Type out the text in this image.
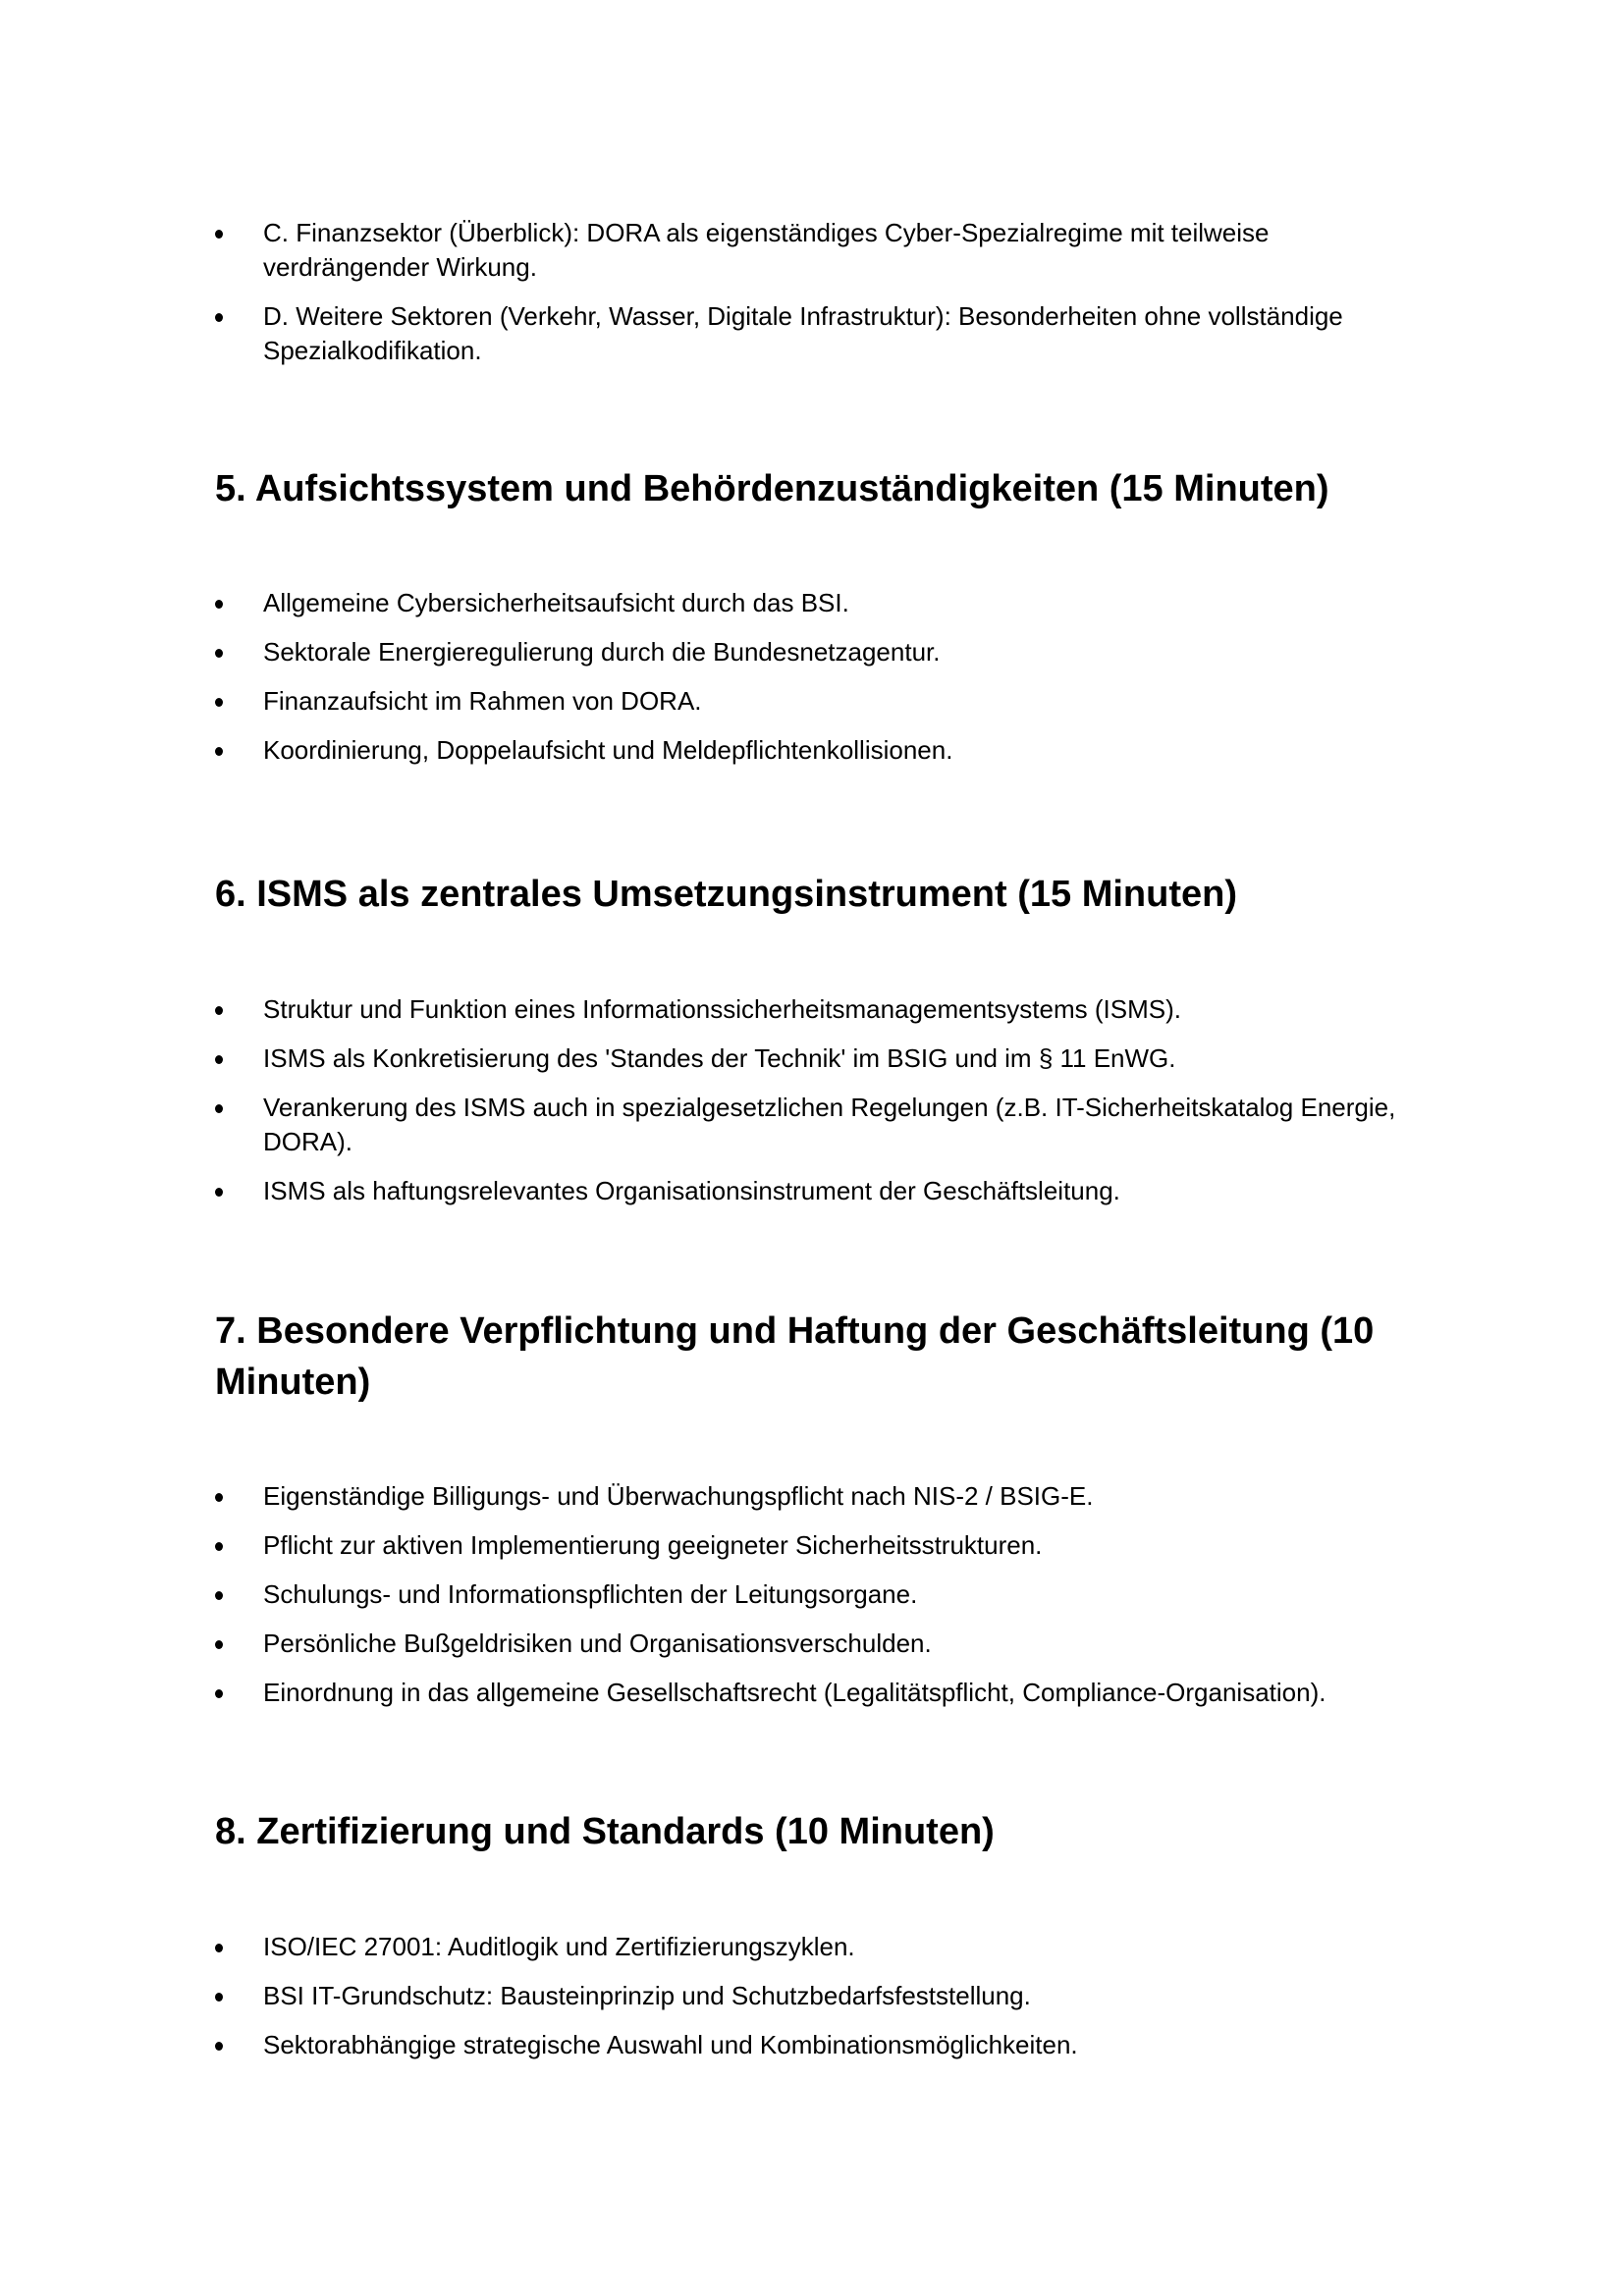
C. Finanzsektor (Überblick): DORA als eigenständiges Cyber-Spezialregime mit teilweise verdrängender Wirkung.
D. Weitere Sektoren (Verkehr, Wasser, Digitale Infrastruktur): Besonderheiten ohne vollständige Spezialkodifikation.
5. Aufsichtssystem und Behördenzuständigkeiten (15 Minuten)
Allgemeine Cybersicherheitsaufsicht durch das BSI.
Sektorale Energieregulierung durch die Bundesnetzagentur.
Finanzaufsicht im Rahmen von DORA.
Koordinierung, Doppelaufsicht und Meldepflichtenkollisionen.
6. ISMS als zentrales Umsetzungsinstrument (15 Minuten)
Struktur und Funktion eines Informationssicherheitsmanagementsystems (ISMS).
ISMS als Konkretisierung des 'Standes der Technik' im BSIG und im § 11 EnWG.
Verankerung des ISMS auch in spezialgesetzlichen Regelungen (z.B. IT-Sicherheitskatalog Energie, DORA).
ISMS als haftungsrelevantes Organisationsinstrument der Geschäftsleitung.
7. Besondere Verpflichtung und Haftung der Geschäftsleitung (10 Minuten)
Eigenständige Billigungs- und Überwachungspflicht nach NIS-2 / BSIG-E.
Pflicht zur aktiven Implementierung geeigneter Sicherheitsstrukturen.
Schulungs- und Informationspflichten der Leitungsorgane.
Persönliche Bußgeldrisiken und Organisationsverschulden.
Einordnung in das allgemeine Gesellschaftsrecht (Legalitätspflicht, Compliance-Organisation).
8. Zertifizierung und Standards (10 Minuten)
ISO/IEC 27001: Auditlogik und Zertifizierungszyklen.
BSI IT-Grundschutz: Bausteinprinzip und Schutzbedarfsfeststellung.
Sektorabhängige strategische Auswahl und Kombinationsmöglichkeiten.
